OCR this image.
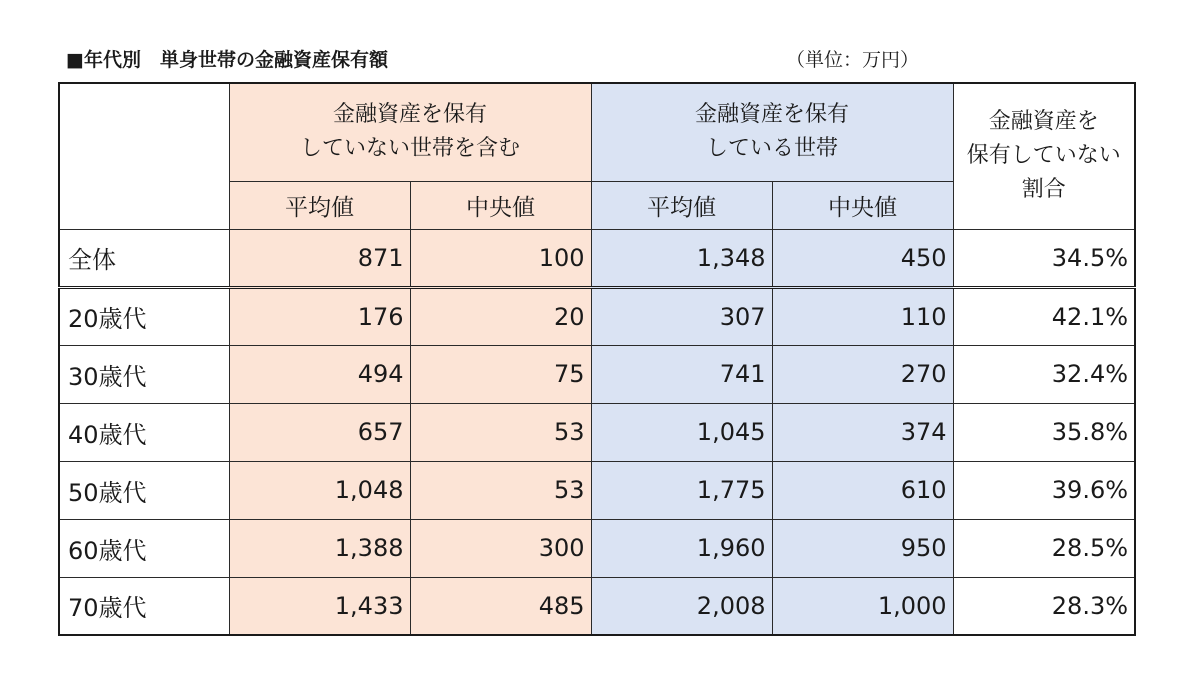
■年代別　単身世帯の金融資産保有額	（単位：万円）

	金融資産を保有
していない世帯を含む		金融資産を保有
している世帯		金融資産を
保有していない
割合

	平均値	中央値	平均値	中央値	
全体	871	100	1,348	450	34.5%
20歳代	176	20	307	110	42.1%
30歳代	494	75	741	270	32.4%
40歳代	657	53	1,045	374	35.8%
50歳代	1,048	53	1,775	610	39.6%
60歳代	1,388	300	1,960	950	28.5%
70歳代	1,433	485	2,008	1,000	28.3%
